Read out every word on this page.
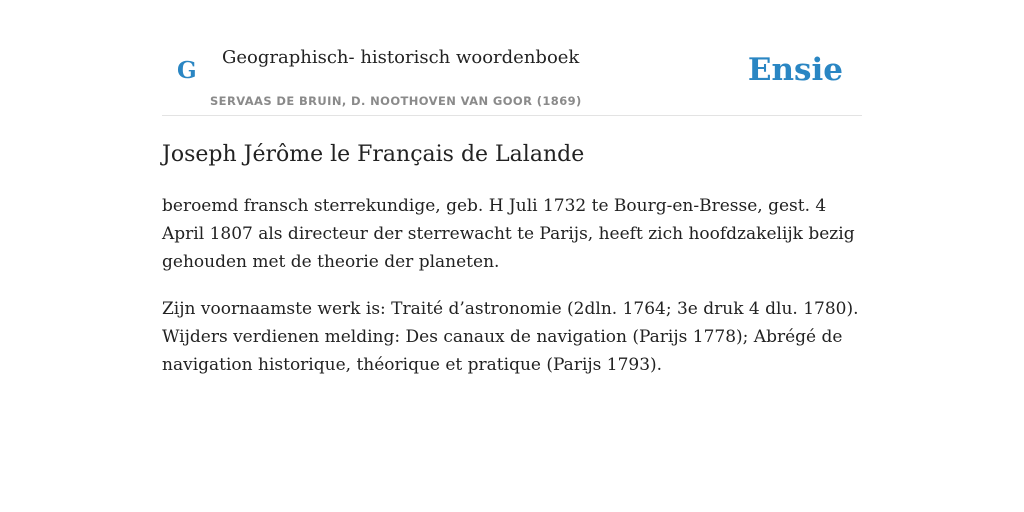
G Geographisch- historisch woordenboek
SERVAAS DE BRUIN, D. NOOTHOVEN VAN GOOR (1869)
Ensie
Joseph Jérôme le Français de Lalande

beroemd fransch sterrekundige, geb. H Juli 1732 te Bourg-en-Bresse, gest. 4 April 1807 als directeur der sterrewacht te Parijs, heeft zich hoofdzakelijk bezig gehouden met de theorie der planeten.

Zijn voornaamste werk is: Traité d’astronomie (2dln. 1764; 3e druk 4 dlu. 1780). Wijders verdienen melding: Des canaux de navigation (Parijs 1778); Abrégé de navigation historique, théorique et pratique (Parijs 1793).
